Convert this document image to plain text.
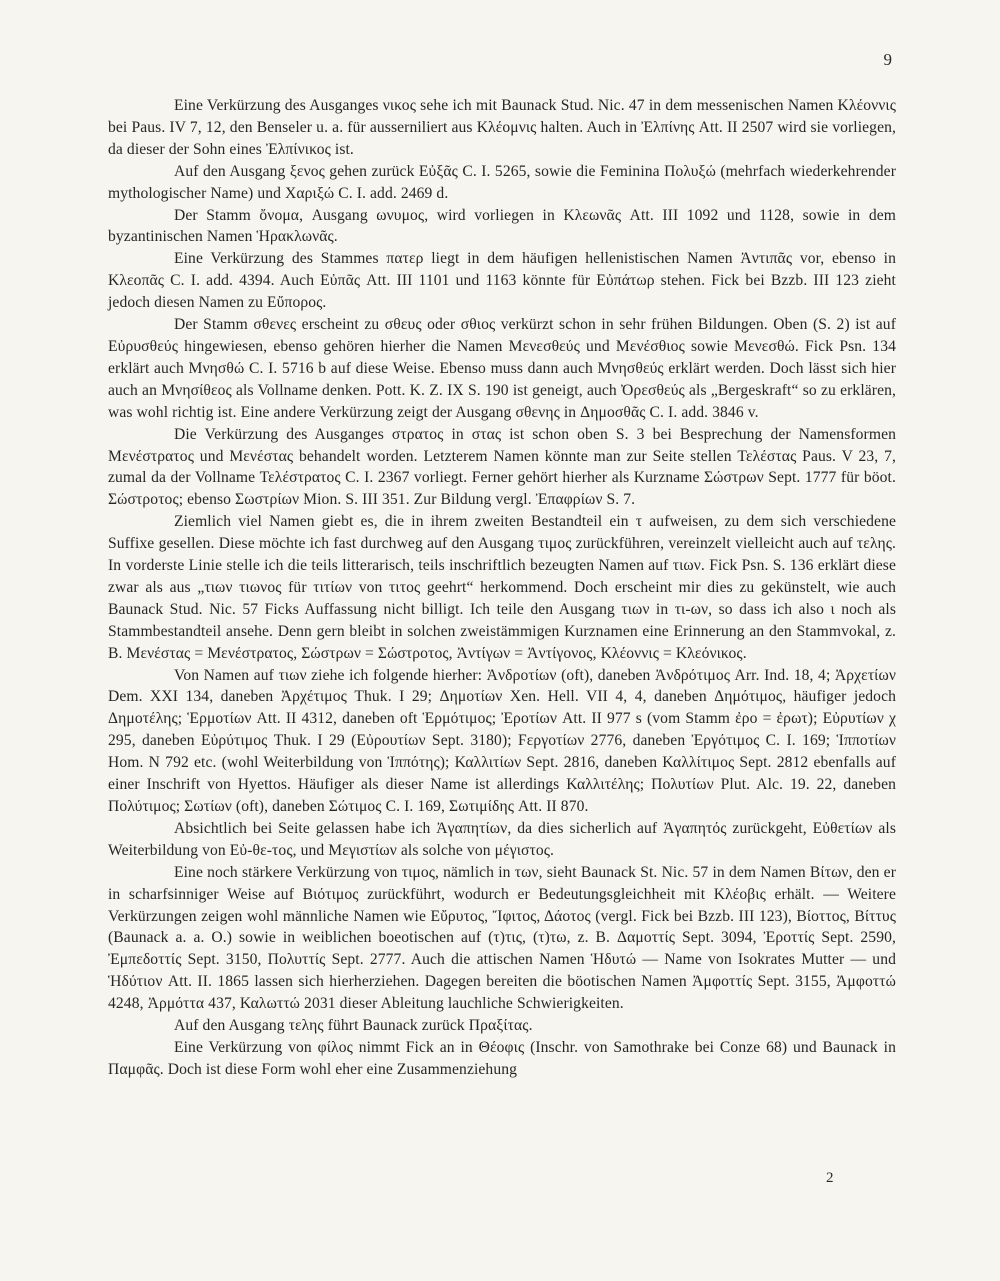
9

Eine Verkürzung des Ausganges νικος sehe ich mit Baunack Stud. Nic. 47 in dem messenischen Namen Κλέοννις bei Paus. IV 7, 12, den Benseler u. a. für ausserniliert aus Κλέομνις halten. Auch in Ἐλπίνης Att. II 2507 wird sie vorliegen, da dieser der Sohn eines Ἐλπίνικος ist.

Auf den Ausgang ξενος gehen zurück Εὐξᾶς C. I. 5265, sowie die Feminina Πολυξώ (mehrfach wiederkehrender mythologischer Name) und Χαριξώ C. I. add. 2469 d.

Der Stamm ὄνομα, Ausgang ωνυμος, wird vorliegen in Κλεωνᾶς Att. III 1092 und 1128, sowie in dem byzantinischen Namen Ἡρακλωνᾶς.

Eine Verkürzung des Stammes πατερ liegt in dem häufigen hellenistischen Namen Ἀντιπᾶς vor, ebenso in Κλεοπᾶς C. I. add. 4394. Auch Εὐπᾶς Att. III 1101 und 1163 könnte für Εὐπάτωρ stehen. Fick bei Bzzb. III 123 zieht jedoch diesen Namen zu Εὔπορος.

Der Stamm σθενες erscheint zu σθευς oder σθιος verkürzt schon in sehr frühen Bildungen. Oben (S. 2) ist auf Εὐρυσθεύς hingewiesen, ebenso gehören hierher die Namen Μενεσθεύς und Μενέσθιος sowie Μενεσθώ. Fick Psn. 134 erklärt auch Μνησθώ C. I. 5716 b auf diese Weise. Ebenso muss dann auch Μνησθεύς erklärt werden. Doch lässt sich hier auch an Μνησίθεος als Vollname denken. Pott. K. Z. IX S. 190 ist geneigt, auch Ὀρεσθεύς als „Bergeskraft“ so zu erklären, was wohl richtig ist. Eine andere Verkürzung zeigt der Ausgang σθενης in Δημοσθᾶς C. I. add. 3846 v.

Die Verkürzung des Ausganges στρατος in στας ist schon oben S. 3 bei Besprechung der Namensformen Μενέστρατος und Μενέστας behandelt worden. Letzterem Namen könnte man zur Seite stellen Τελέστας Paus. V 23, 7, zumal da der Vollname Τελέστρατος C. I. 2367 vorliegt. Ferner gehört hierher als Kurzname Σώστρων Sept. 1777 für böot. Σώστροτος; ebenso Σωστρίων Mion. S. III 351. Zur Bildung vergl. Ἐπαφρίων S. 7.

Ziemlich viel Namen giebt es, die in ihrem zweiten Bestandteil ein τ aufweisen, zu dem sich verschiedene Suffixe gesellen. Diese möchte ich fast durchweg auf den Ausgang τιμος zurückführen, vereinzelt vielleicht auch auf τελης. In vorderste Linie stelle ich die teils litterarisch, teils inschriftlich bezeugten Namen auf τιων. Fick Psn. S. 136 erklärt diese zwar als aus „τιων τιωνος für τιτίων von τιτος geehrt“ herkommend. Doch erscheint mir dies zu gekünstelt, wie auch Baunack Stud. Nic. 57 Ficks Auffassung nicht billigt. Ich teile den Ausgang τιων in τι-ων, so dass ich also ι noch als Stammbestandteil ansehe. Denn gern bleibt in solchen zweistämmigen Kurznamen eine Erinnerung an den Stammvokal, z. B. Μενέστας = Μενέστρατος, Σώστρων = Σώστροτος, Ἀντίγων = Ἀντίγονος, Κλέοννις = Κλεόνικος.

Von Namen auf τιων ziehe ich folgende hierher: Ἀνδροτίων (oft), daneben Ἀνδρότιμος Arr. Ind. 18, 4; Ἀρχετίων Dem. XXI 134, daneben Ἀρχέτιμος Thuk. I 29; Δημοτίων Xen. Hell. VII 4, 4, daneben Δημότιμος, häufiger jedoch Δημοτέλης; Ἑρμοτίων Att. II 4312, daneben oft Ἑρμότιμος; Ἐροτίων Att. II 977 s (vom Stamm ἐρο = ἐρωτ); Εὐρυτίων χ 295, daneben Εὐρύτιμος Thuk. I 29 (Εὐρουτίων Sept. 3180); Ϝεργοτίων 2776, daneben Ἐργότιμος C. I. 169; Ἱππoτίων Hom. N 792 etc. (wohl Weiterbildung von Ἱππότης); Καλλιτίων Sept. 2816, daneben Καλλίτιμος Sept. 2812 ebenfalls auf einer Inschrift von Hyettos. Häufiger als dieser Name ist allerdings Καλλιτέλης; Πολυτίων Plut. Alc. 19. 22, daneben Πολύτιμος; Σωτίων (oft), daneben Σώτιμος C. I. 169, Σωτιμίδης Att. II 870.

Absichtlich bei Seite gelassen habe ich Ἀγαπητίων, da dies sicherlich auf Ἀγαπητός zurückgeht, Εὐθετίων als Weiterbildung von Εὐ-θε-τος, und Μεγιστίων als solche von μέγιστος.

Eine noch stärkere Verkürzung von τιμος, nämlich in των, sieht Baunack St. Nic. 57 in dem Namen Βίτων, den er in scharfsinniger Weise auf Βιότιμος zurückführt, wodurch er Bedeutungsgleichheit mit Κλέοβις erhält. — Weitere Verkürzungen zeigen wohl männliche Namen wie Εὔρυτος, Ἴφιτος, Δάοτος (vergl. Fick bei Bzzb. III 123), Βίοττος, Βίττυς (Baunack a. a. O.) sowie in weiblichen boeotischen auf (τ)τις, (τ)τω, z. B. Δαμοττίς Sept. 3094, Ἐροττίς Sept. 2590, Ἐμπεδοττίς Sept. 3150, Πολυττίς Sept. 2777. Auch die attischen Namen Ἡδυτώ — Name von Isokrates Mutter — und Ἡδύτιον Att. II. 1865 lassen sich hierherziehen. Dagegen bereiten die böotischen Namen Ἀμφοττίς Sept. 3155, Ἀμφοττώ 4248, Ἀρμόττα 437, Καλωττώ 2031 dieser Ableitung lauchliche Schwierigkeiten.

Auf den Ausgang τελης führt Baunack zurück Πραξίτας.

Eine Verkürzung von φίλος nimmt Fick an in Θέοφις (Inschr. von Samothrake bei Conze 68) und Baunack in Παμφᾶς. Doch ist diese Form wohl eher eine Zusammenziehung

2
